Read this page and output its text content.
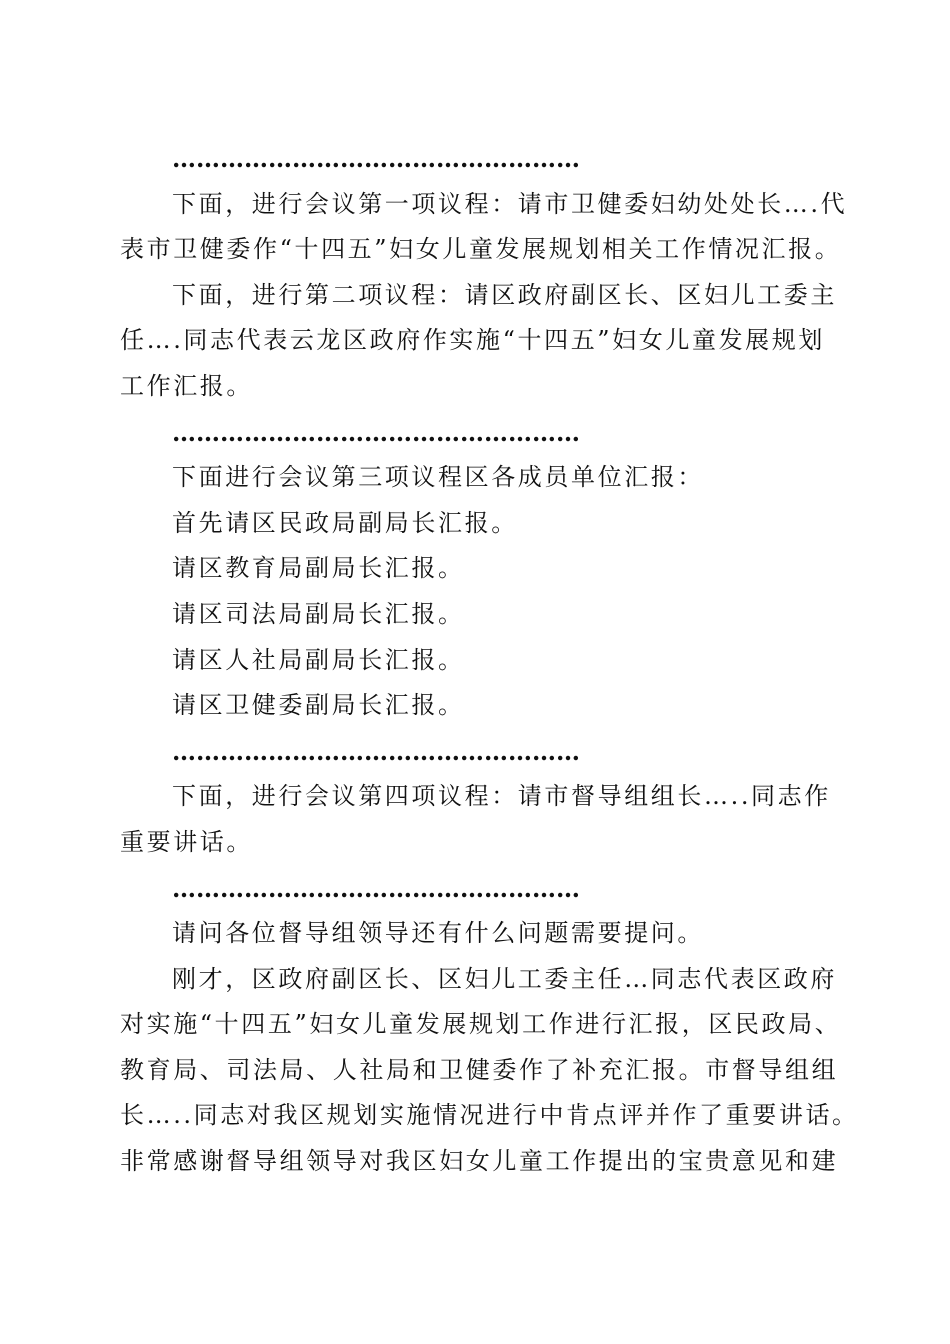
……………………………………………
下面，进行会议第一项议程：请市卫健委妇幼处处长….代
表市卫健委作“十四五”妇女儿童发展规划相关工作情况汇报。
下面，进行第二项议程：请区政府副区长、区妇儿工委主
任….同志代表云龙区政府作实施“十四五”妇女儿童发展规划
工作汇报。
……………………………………………
下面进行会议第三项议程区各成员单位汇报：
首先请区民政局副局长汇报。
请区教育局副局长汇报。
请区司法局副局长汇报。
请区人社局副局长汇报。
请区卫健委副局长汇报。
……………………………………………
下面，进行会议第四项议程：请市督导组组长…..同志作
重要讲话。
……………………………………………
请问各位督导组领导还有什么问题需要提问。
刚才，区政府副区长、区妇儿工委主任…同志代表区政府
对实施“十四五”妇女儿童发展规划工作进行汇报，区民政局、
教育局、司法局、人社局和卫健委作了补充汇报。市督导组组
长…..同志对我区规划实施情况进行中肯点评并作了重要讲话。
非常感谢督导组领导对我区妇女儿童工作提出的宝贵意见和建
